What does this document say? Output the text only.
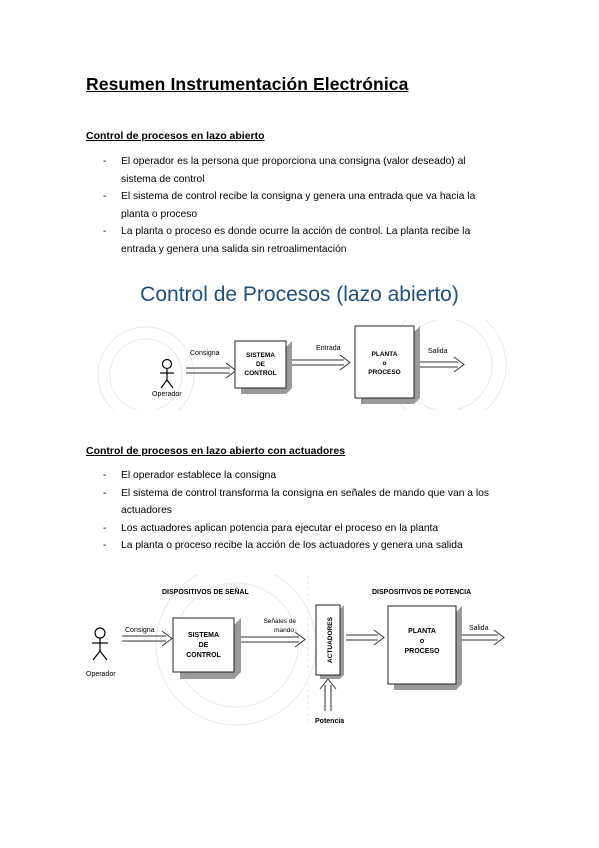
Resumen Instrumentación Electrónica
Control de procesos en lazo abierto
- El operador es la persona que proporciona una consigna (valor deseado) al sistema de control
- El sistema de control recibe la consigna y genera una entrada que va hacia la planta o proceso
- La planta o proceso es donde ocurre la acción de control. La planta recibe la entrada y genera una salida sin retroalimentación
Control de Procesos (lazo abierto)
Operador
Consigna	SISTEMA
DE
CONTROL
Entrada
PLANTA
o
PROCESO
Salida
Control de procesos en lazo abierto con actuadores
- El operador establece la consigna
- El sistema de control transforma la consigna en señales de mando que van a los actuadores
- Los actuadores aplican potencia para ejecutar el proceso en la planta
- La planta o proceso recibe la acción de los actuadores y genera una salida
DISPOSITIVOS DE SEÑAL	DISPOSITIVOS DE POTENCIA
Operador
Consigna
SISTEMA
DE
CONTROL
Señales de
mando	ACTUADORES
Potencia
PLANTA
o
PROCESO
Salida
